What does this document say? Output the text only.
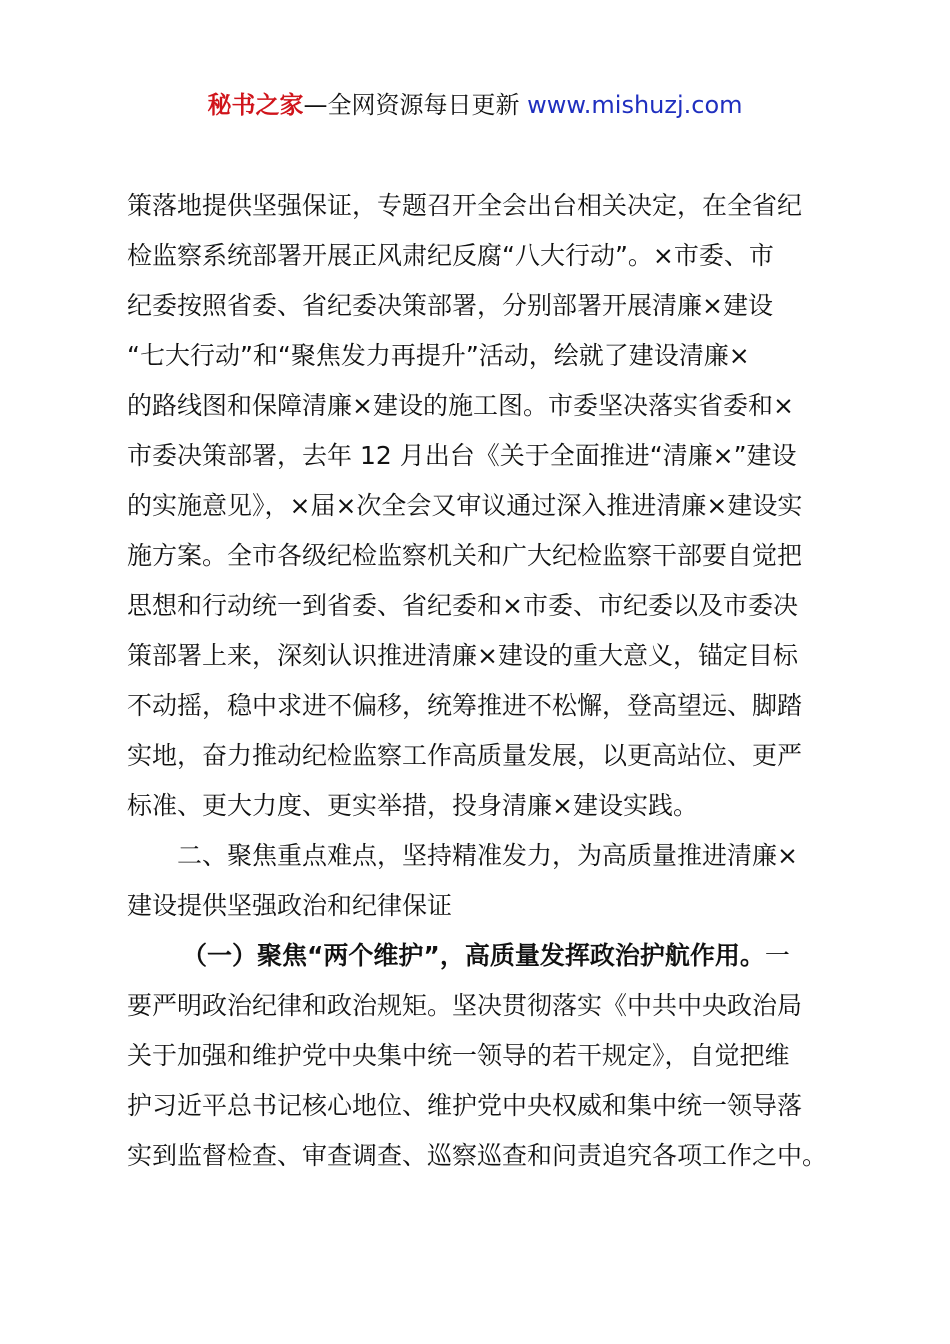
秘书之家—全网资源每日更新 www.mishuzj.com
策落地提供坚强保证，专题召开全会出台相关决定，在全省纪
检监察系统部署开展正风肃纪反腐“八大行动”。×市委、市
纪委按照省委、省纪委决策部署，分别部署开展清廉×建设
“七大行动”和“聚焦发力再提升”活动，绘就了建设清廉×
的路线图和保障清廉×建设的施工图。市委坚决落实省委和×
市委决策部署，去年 12 月出台《关于全面推进“清廉×”建设
的实施意见》，×届×次全会又审议通过深入推进清廉×建设实
施方案。全市各级纪检监察机关和广大纪检监察干部要自觉把
思想和行动统一到省委、省纪委和×市委、市纪委以及市委决
策部署上来，深刻认识推进清廉×建设的重大意义，锚定目标
不动摇，稳中求进不偏移，统筹推进不松懈，登高望远、脚踏
实地，奋力推动纪检监察工作高质量发展，以更高站位、更严
标准、更大力度、更实举措，投身清廉×建设实践。
二、聚焦重点难点，坚持精准发力，为高质量推进清廉×
建设提供坚强政治和纪律保证
（一）聚焦“两个维护”，高质量发挥政治护航作用。一
要严明政治纪律和政治规矩。坚决贯彻落实《中共中央政治局
关于加强和维护党中央集中统一领导的若干规定》，自觉把维
护习近平总书记核心地位、维护党中央权威和集中统一领导落
实到监督检查、审查调查、巡察巡查和问责追究各项工作之中。
